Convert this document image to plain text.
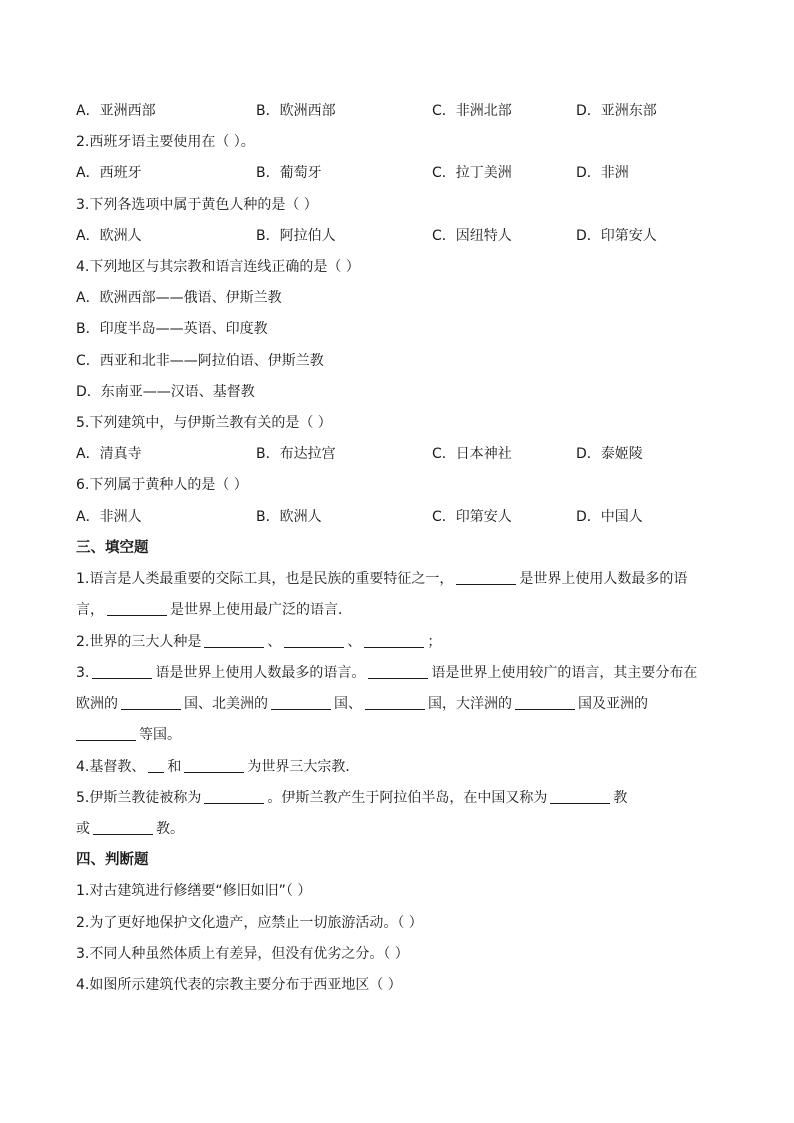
A．亚洲西部	B．欧洲西部	C．非洲北部	D．亚洲东部
2.西班牙语主要使用在（ ）。
A．西班牙	B．葡萄牙	C．拉丁美洲	D．非洲
3.下列各选项中属于黄色人种的是（ ）
A．欧洲人	B．阿拉伯人	C．因纽特人	D．印第安人
4.下列地区与其宗教和语言连线正确的是（ ）
A．欧洲西部——俄语、伊斯兰教
B．印度半岛——英语、印度教
C．西亚和北非——阿拉伯语、伊斯兰教
D．东南亚——汉语、基督教
5.下列建筑中，与伊斯兰教有关的是（ ）
A．清真寺	B．布达拉宫	C．日本神社	D．泰姬陵
6.下列属于黄种人的是（ ）
A．非洲人	B．欧洲人	C．印第安人	D．中国人
三、填空题
1.语言是人类最重要的交际工具，也是民族的重要特征之一，	是世界上使用人数最多的语
言，	是世界上使用最广泛的语言．
2.世界的三大人种是	、	、	；
3.	语是世界上使用人数最多的语言。	语是世界上使用较广的语言，其主要分布在
欧洲的	国、北美洲的	国、	国，大洋洲的	国及亚洲的
等国。
4.基督教、 和	为世界三大宗教．
5.伊斯兰教徒被称为	。伊斯兰教产生于阿拉伯半岛，在中国又称为	教
或	教。
四、判断题
1.对古建筑进行修缮要“修旧如旧”（ ）
2.为了更好地保护文化遗产，应禁止一切旅游活动。（ ）
3.不同人种虽然体质上有差异，但没有优劣之分。（ ）
4.如图所示建筑代表的宗教主要分布于西亚地区（ ）
